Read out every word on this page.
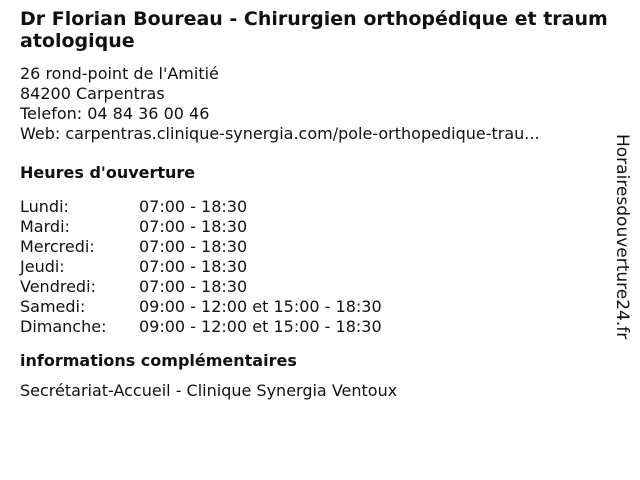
Dr Florian Boureau - Chirurgien orthopédique et traumatologique
26 rond-point de l'Amitié
84200 Carpentras
Telefon: 04 84 36 00 46
Web: carpentras.clinique-synergia.com/pole-orthopedique-trau...
Heures d'ouverture
Lundi:	07:00 - 18:30
Mardi:	07:00 - 18:30
Mercredi:	07:00 - 18:30
Jeudi:	07:00 - 18:30
Vendredi:	07:00 - 18:30
Samedi:	09:00 - 12:00 et 15:00 - 18:30
Dimanche:	09:00 - 12:00 et 15:00 - 18:30
informations complémentaires
Secrétariat-Accueil - Clinique Synergia Ventoux
Horairesdouverture24.fr
